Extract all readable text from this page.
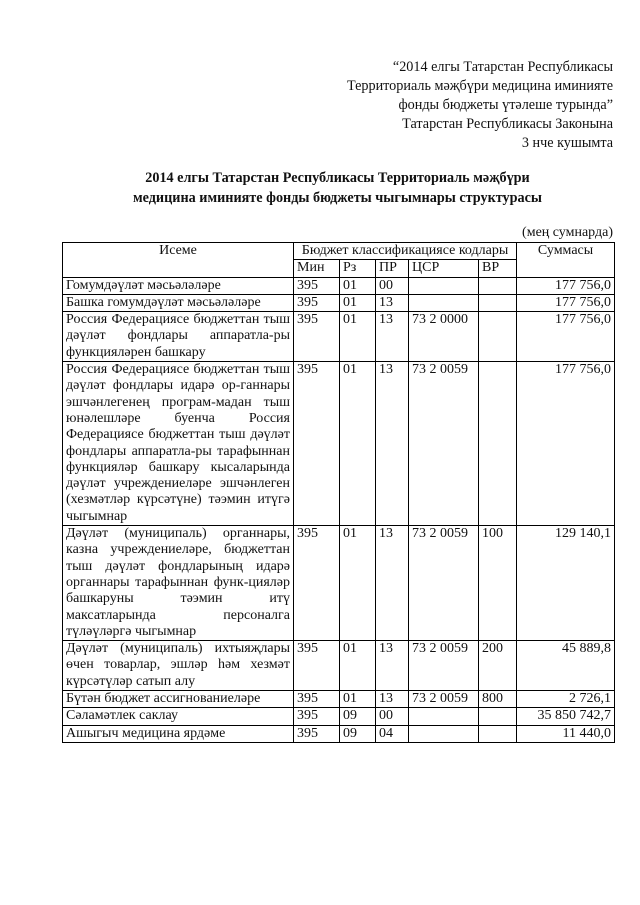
“2014 елгы Татарстан Республикасы
Территориаль мәҗбүри медицина иминияте
фонды бюджеты үтәлеше турында”
Татарстан Республикасы Законына
3 нче кушымта
2014 елгы Татарстан Республикасы Территориаль мәҗбүри
медицина иминияте фонды бюджеты чыгымнары структурасы
(мең сумнарда)
Исеме	Бюджет классификациясе кодлары					Суммасы
	Мин	Рз	ПР	ЦСР	ВР	
Гомумдәүләт мәсьәләләре	395	01	00			177 756,0
Башка гомумдәүләт мәсьәләләре	395	01	13			177 756,0
Россия Федерациясе бюджеттан тыш дәүләт фондлары аппаратла-ры функцияләрен башкару	395	01	13	73 2 0000		177 756,0
Россия Федерациясе бюджеттан тыш дәүләт фондлары идарә ор-ганнары эшчәнлегенең програм-мадан тыш юнәлешләре буенча Россия Федерациясе бюджеттан тыш дәүләт фондлары аппаратла-ры тарафыннан функцияләр башкару кысаларында дәүләт учреждениеләре эшчәнлеген (хезмәтләр күрсәтүне) тәэмин итүгә чыгымнар	395	01	13	73 2 0059		177 756,0
Дәүләт (муниципаль) органнары, казна учреждениеләре, бюджеттан тыш дәүләт фондларының идарә органнары тарафыннан функ-цияләр башкаруны тәэмин итү максатларында персоналга түләүләргә чыгымнар	395	01	13	73 2 0059	100	129 140,1
Дәүләт (муниципаль) ихтыяҗлары өчен товарлар, эшләр һәм хезмәт күрсәтүләр сатып алу	395	01	13	73 2 0059	200	45 889,8
Бүтән бюджет ассигнованиеләре	395	01	13	73 2 0059	800	2 726,1
Сәламәтлек саклау	395	09	00			35 850 742,7
Ашыгыч медицина ярдәме	395	09	04			11 440,0
